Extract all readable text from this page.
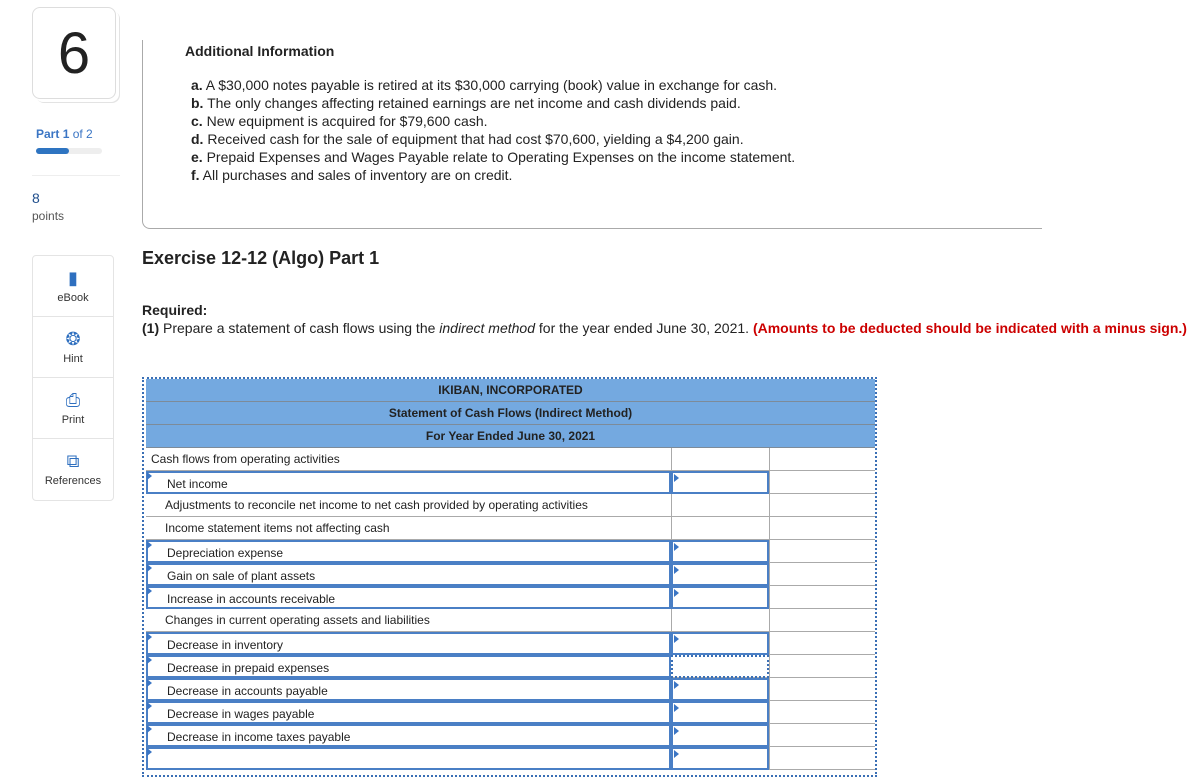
6
Part 1 of 2
8
points
▮
eBook
❂
Hint
⎙
Print
⧉
References
Additional Information
a. A $30,000 notes payable is retired at its $30,000 carrying (book) value in exchange for cash.
b. The only changes affecting retained earnings are net income and cash dividends paid.
c. New equipment is acquired for $79,600 cash.
d. Received cash for the sale of equipment that had cost $70,600, yielding a $4,200 gain.
e. Prepaid Expenses and Wages Payable relate to Operating Expenses on the income statement.
f. All purchases and sales of inventory are on credit.
Exercise 12-12 (Algo) Part 1
Required:
(1) Prepare a statement of cash flows using the indirect method for the year ended June 30, 2021. (Amounts to be deducted should be indicated with a minus sign.)
IKIBAN, INCORPORATED
Statement of Cash Flows (Indirect Method)
For Year Ended June 30, 2021
Cash flows from operating activities
Net income
Adjustments to reconcile net income to net cash provided by operating activities
Income statement items not affecting cash
Depreciation expense
Gain on sale of plant assets
Increase in accounts receivable
Changes in current operating assets and liabilities
Decrease in inventory
Decrease in prepaid expenses
Decrease in accounts payable
Decrease in wages payable
Decrease in income taxes payable
